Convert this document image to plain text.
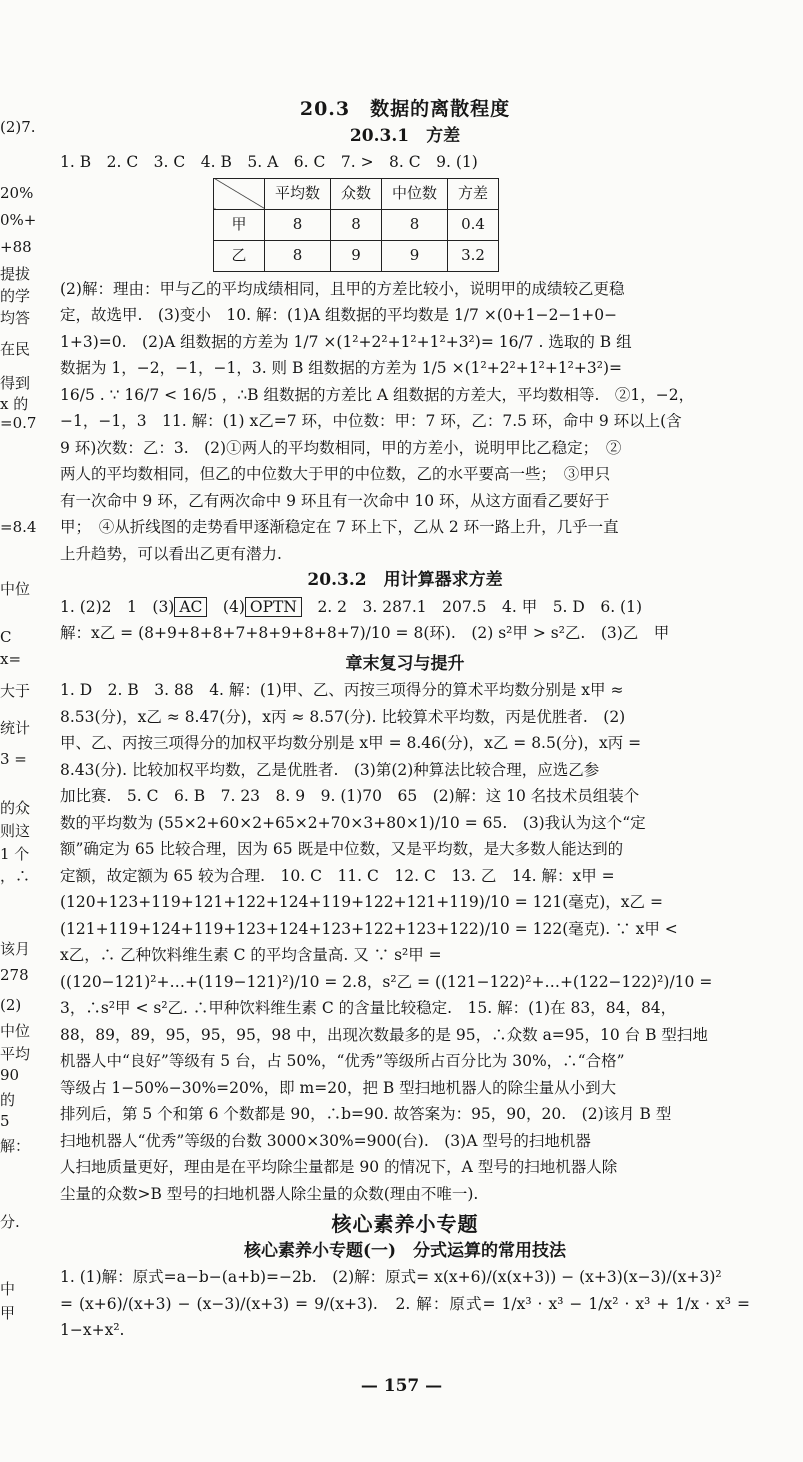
(2)7.
20%
0%+
+88
提拔
的学
均答
在民
得到
x 的
=0.7
=8.4
中位
C
x=
大于
统计
3 =
的众
则这
1 个
，∴
该月
278
(2)
中位
平均
90
的
5
解：
分.
中
甲
20.3　数据的离散程度
20.3.1　方差
1. B　2. C　3. C　4. B　5. A　6. C　7. >　8. C　9. (1)
	平均数	众数	中位数	方差
甲	8	8	8	0.4
乙	8	9	9	3.2
(2)解：理由：甲与乙的平均成绩相同，且甲的方差比较小，说明甲的成绩较乙更稳
定，故选甲.　(3)变小　10. 解：(1)A 组数据的平均数是 1/7 ×(0+1−2−1+0−
1+3)=0.　(2)A 组数据的方差为 1/7 ×(1²+2²+1²+1²+3²)= 16/7 . 选取的 B 组
数据为 1，−2，−1，−1，3. 则 B 组数据的方差为 1/5 ×(1²+2²+1²+1²+3²)=
16/5 . ∵ 16/7 < 16/5 ，∴B 组数据的方差比 A 组数据的方差大，平均数相等.　②1，−2，
−1，−1，3　11. 解：(1) x乙=7 环，中位数：甲：7 环，乙：7.5 环，命中 9 环以上(含
9 环)次数：乙：3.　(2)①两人的平均数相同，甲的方差小，说明甲比乙稳定；　②
两人的平均数相同，但乙的中位数大于甲的中位数，乙的水平要高一些；　③甲只
有一次命中 9 环，乙有两次命中 9 环且有一次命中 10 环，从这方面看乙要好于
甲；　④从折线图的走势看甲逐渐稳定在 7 环上下，乙从 2 环一路上升，几乎一直
上升趋势，可以看出乙更有潜力.
20.3.2　用计算器求方差
1. (2)2　1　(3) AC　(4) OPTN　2. 2　3. 287.1　207.5　4. 甲　5. D　6. (1)
解：x乙 = (8+9+8+8+7+8+9+8+8+7)/10 = 8(环).　(2) s²甲 > s²乙.　(3)乙　甲
章末复习与提升
1. D　2. B　3. 88　4. 解：(1)甲、乙、丙按三项得分的算术平均数分别是 x甲 ≈
8.53(分)，x乙 ≈ 8.47(分)，x丙 ≈ 8.57(分). 比较算术平均数，丙是优胜者.　(2)
甲、乙、丙按三项得分的加权平均数分别是 x甲 = 8.46(分)，x乙 = 8.5(分)，x丙 =
8.43(分). 比较加权平均数，乙是优胜者.　(3)第(2)种算法比较合理，应选乙参
加比赛.　5. C　6. B　7. 23　8. 9　9. (1)70　65　(2)解：这 10 名技术员组装个
数的平均数为 (55×2+60×2+65×2+70×3+80×1)/10 = 65.　(3)我认为这个“定
额”确定为 65 比较合理，因为 65 既是中位数，又是平均数，是大多数人能达到的
定额，故定额为 65 较为合理.　10. C　11. C　12. C　13. 乙　14. 解：x甲 =
(120+123+119+121+122+124+119+122+121+119)/10 = 121(毫克)，x乙 =
(121+119+124+119+123+124+123+122+123+122)/10 = 122(毫克). ∵ x甲 <
x乙，∴ 乙种饮料维生素 C 的平均含量高. 又 ∵ s²甲 =
((120−121)²+…+(119−121)²)/10 = 2.8，s²乙 = ((121−122)²+…+(122−122)²)/10 =
3，∴s²甲 < s²乙. ∴甲种饮料维生素 C 的含量比较稳定.　15. 解：(1)在 83，84，84，
88，89，89，95，95，95，98 中，出现次数最多的是 95，∴众数 a=95，10 台 B 型扫地
机器人中“良好”等级有 5 台，占 50%，“优秀”等级所占百分比为 30%，∴“合格”
等级占 1−50%−30%=20%，即 m=20，把 B 型扫地机器人的除尘量从小到大
排列后，第 5 个和第 6 个数都是 90，∴b=90. 故答案为：95，90，20.　(2)该月 B 型
扫地机器人“优秀”等级的台数 3000×30%=900(台).　(3)A 型号的扫地机器
人扫地质量更好，理由是在平均除尘量都是 90 的情况下，A 型号的扫地机器人除
尘量的众数>B 型号的扫地机器人除尘量的众数(理由不唯一).
核心素养小专题
核心素养小专题(一)　分式运算的常用技法
1. (1)解：原式=a−b−(a+b)=−2b.　(2)解：原式= x(x+6)/(x(x+3)) − (x+3)(x−3)/(x+3)²
= (x+6)/(x+3) − (x−3)/(x+3) = 9/(x+3).　2. 解：原式= 1/x³ · x³ − 1/x² · x³ + 1/x · x³ = 1−x+x².
— 157 —
